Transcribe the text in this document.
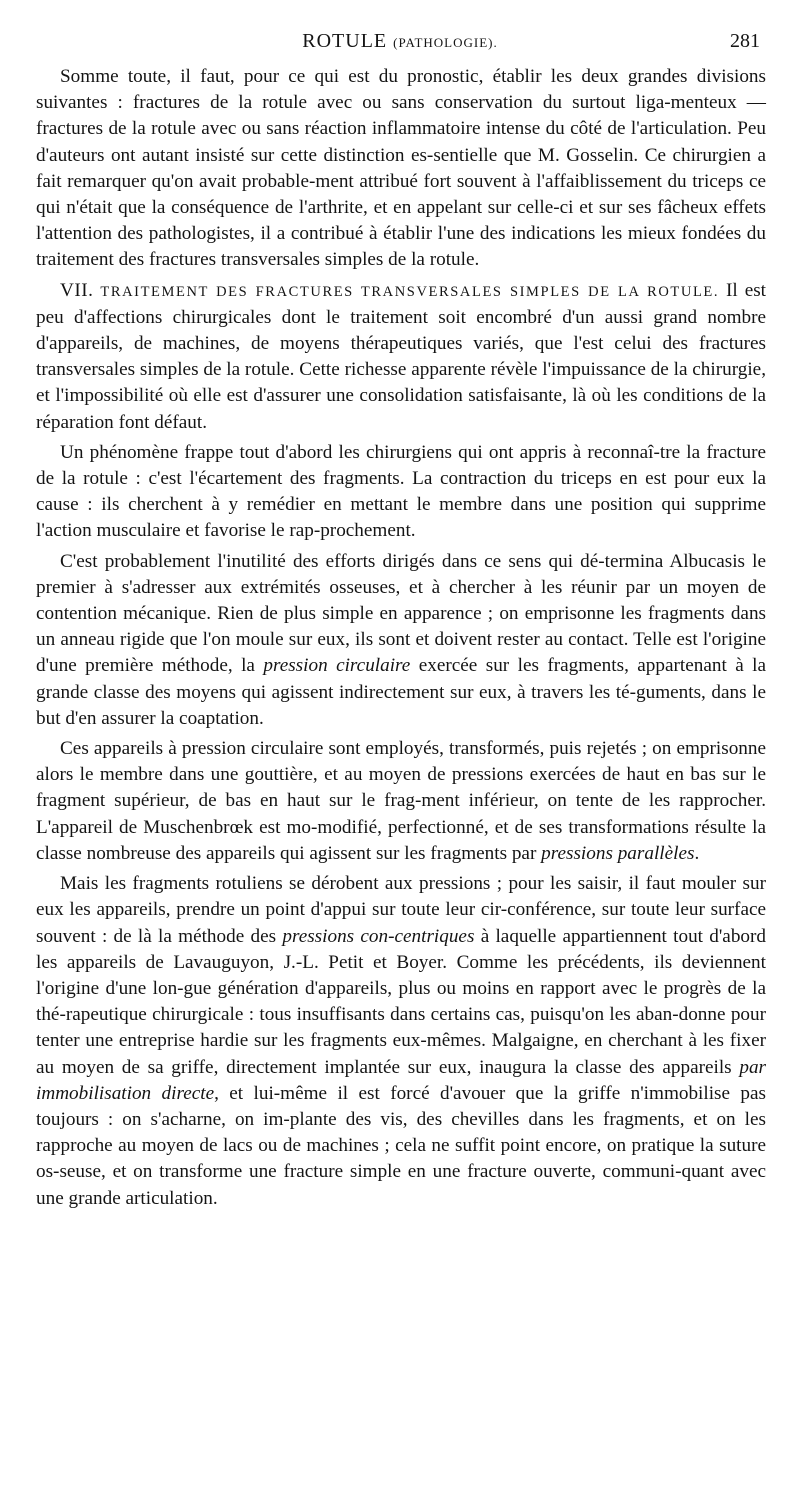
ROTULE (PATHOLOGIE).	281

Somme toute, il faut, pour ce qui est du pronostic, établir les deux grandes divisions suivantes : fractures de la rotule avec ou sans conservation du surtout liga-menteux — fractures de la rotule avec ou sans réaction inflammatoire intense du côté de l'articulation. Peu d'auteurs ont autant insisté sur cette distinction es-sentielle que M. Gosselin. Ce chirurgien a fait remarquer qu'on avait probable-ment attribué fort souvent à l'affaiblissement du triceps ce qui n'était que la conséquence de l'arthrite, et en appelant sur celle-ci et sur ses fâcheux effets l'attention des pathologistes, il a contribué à établir l'une des indications les mieux fondées du traitement des fractures transversales simples de la rotule.

VII. TRAITEMENT DES FRACTURES TRANSVERSALES SIMPLES DE LA ROTULE. Il est peu d'affections chirurgicales dont le traitement soit encombré d'un aussi grand nombre d'appareils, de machines, de moyens thérapeutiques variés, que l'est celui des fractures transversales simples de la rotule. Cette richesse apparente révèle l'impuissance de la chirurgie, et l'impossibilité où elle est d'assurer une consolidation satisfaisante, là où les conditions de la réparation font défaut.

Un phénomène frappe tout d'abord les chirurgiens qui ont appris à reconnaî-tre la fracture de la rotule : c'est l'écartement des fragments. La contraction du triceps en est pour eux la cause : ils cherchent à y remédier en mettant le membre dans une position qui supprime l'action musculaire et favorise le rap-prochement.

C'est probablement l'inutilité des efforts dirigés dans ce sens qui dé-termina Albucasis le premier à s'adresser aux extrémités osseuses, et à chercher à les réunir par un moyen de contention mécanique. Rien de plus simple en apparence ; on emprisonne les fragments dans un anneau rigide que l'on moule sur eux, ils sont et doivent rester au contact. Telle est l'origine d'une première méthode, la pression circulaire exercée sur les fragments, appartenant à la grande classe des moyens qui agissent indirectement sur eux, à travers les té-guments, dans le but d'en assurer la coaptation.

Ces appareils à pression circulaire sont employés, transformés, puis rejetés ; on emprisonne alors le membre dans une gouttière, et au moyen de pressions exercées de haut en bas sur le fragment supérieur, de bas en haut sur le frag-ment inférieur, on tente de les rapprocher. L'appareil de Muschenbrœk est mo-modifié, perfectionné, et de ses transformations résulte la classe nombreuse des appareils qui agissent sur les fragments par pressions parallèles.

Mais les fragments rotuliens se dérobent aux pressions ; pour les saisir, il faut mouler sur eux les appareils, prendre un point d'appui sur toute leur cir-conférence, sur toute leur surface souvent : de là la méthode des pressions con-centriques à laquelle appartiennent tout d'abord les appareils de Lavauguyon, J.-L. Petit et Boyer. Comme les précédents, ils deviennent l'origine d'une lon-gue génération d'appareils, plus ou moins en rapport avec le progrès de la thé-rapeutique chirurgicale : tous insuffisants dans certains cas, puisqu'on les aban-donne pour tenter une entreprise hardie sur les fragments eux-mêmes. Malgaigne, en cherchant à les fixer au moyen de sa griffe, directement implantée sur eux, inaugura la classe des appareils par immobilisation directe, et lui-même il est forcé d'avouer que la griffe n'immobilise pas toujours : on s'acharne, on im-plante des vis, des chevilles dans les fragments, et on les rapproche au moyen de lacs ou de machines ; cela ne suffit point encore, on pratique la suture os-seuse, et on transforme une fracture simple en une fracture ouverte, communi-quant avec une grande articulation.
